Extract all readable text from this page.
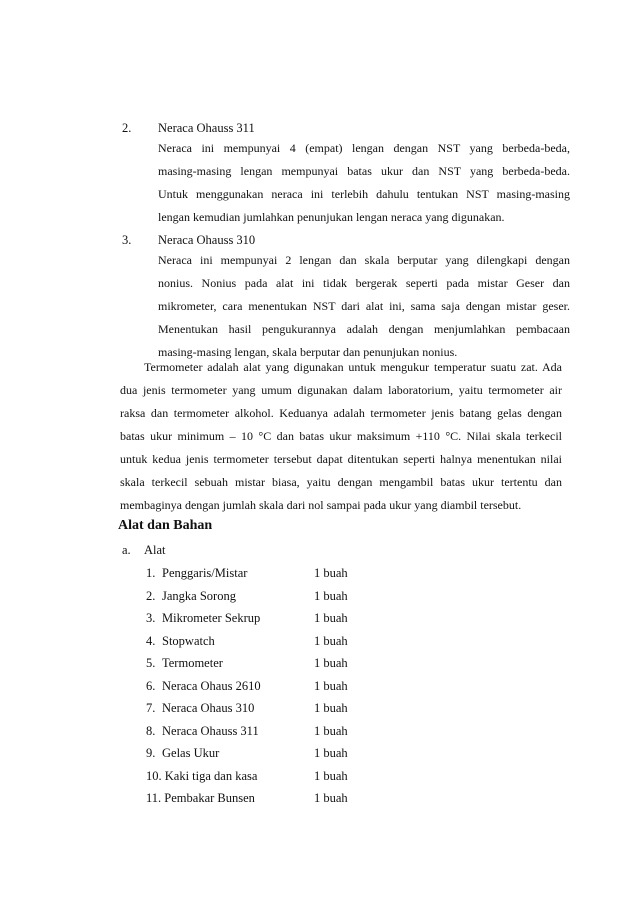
2. Neraca Ohauss 311
Neraca ini mempunyai 4 (empat) lengan dengan NST yang berbeda-beda,
masing-masing lengan mempunyai batas ukur dan NST yang berbeda-beda.
Untuk menggunakan neraca ini terlebih dahulu tentukan NST masing-masing
lengan kemudian jumlahkan penunjukan lengan neraca yang digunakan.
3. Neraca Ohauss 310
Neraca ini mempunyai 2 lengan dan skala berputar yang dilengkapi dengan
nonius. Nonius pada alat ini tidak bergerak seperti pada mistar Geser dan
mikrometer, cara menentukan NST dari alat ini, sama saja dengan mistar geser.
Menentukan hasil pengukurannya adalah dengan menjumlahkan pembacaan
masing-masing lengan, skala berputar dan penunjukan nonius.
Termometer adalah alat yang digunakan untuk mengukur temperatur suatu zat. Ada
dua jenis termometer yang umum digunakan dalam laboratorium, yaitu termometer air
raksa dan termometer alkohol. Keduanya adalah termometer jenis batang gelas dengan
batas ukur minimum – 10 °C dan batas ukur maksimum +110 °C. Nilai skala terkecil
untuk kedua jenis termometer tersebut dapat ditentukan seperti halnya menentukan nilai
skala terkecil sebuah mistar biasa, yaitu dengan mengambil batas ukur tertentu dan
membaginya dengan jumlah skala dari nol sampai pada ukur yang diambil tersebut.
Alat dan Bahan
a. Alat
1. Penggaris/Mistar	1 buah
2. Jangka Sorong	1 buah
3. Mikrometer Sekrup	1 buah
4. Stopwatch	1 buah
5. Termometer	1 buah
6. Neraca Ohaus 2610	1 buah
7. Neraca Ohaus 310	1 buah
8. Neraca Ohauss 311	1 buah
9. Gelas Ukur	1 buah
10. Kaki tiga dan kasa	1 buah
11. Pembakar Bunsen	1 buah
